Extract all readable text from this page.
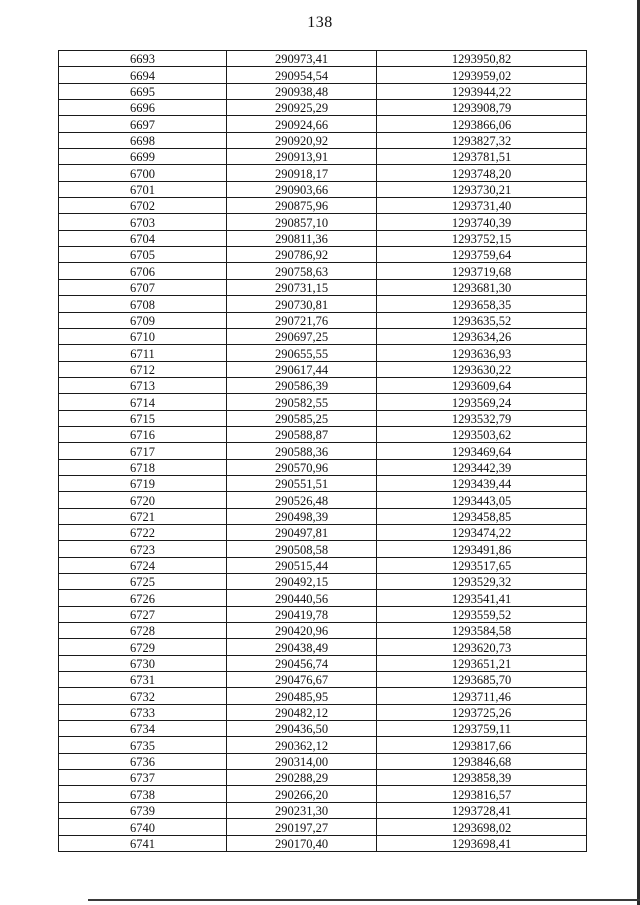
138
6693	290973,41	1293950,82
6694	290954,54	1293959,02
6695	290938,48	1293944,22
6696	290925,29	1293908,79
6697	290924,66	1293866,06
6698	290920,92	1293827,32
6699	290913,91	1293781,51
6700	290918,17	1293748,20
6701	290903,66	1293730,21
6702	290875,96	1293731,40
6703	290857,10	1293740,39
6704	290811,36	1293752,15
6705	290786,92	1293759,64
6706	290758,63	1293719,68
6707	290731,15	1293681,30
6708	290730,81	1293658,35
6709	290721,76	1293635,52
6710	290697,25	1293634,26
6711	290655,55	1293636,93
6712	290617,44	1293630,22
6713	290586,39	1293609,64
6714	290582,55	1293569,24
6715	290585,25	1293532,79
6716	290588,87	1293503,62
6717	290588,36	1293469,64
6718	290570,96	1293442,39
6719	290551,51	1293439,44
6720	290526,48	1293443,05
6721	290498,39	1293458,85
6722	290497,81	1293474,22
6723	290508,58	1293491,86
6724	290515,44	1293517,65
6725	290492,15	1293529,32
6726	290440,56	1293541,41
6727	290419,78	1293559,52
6728	290420,96	1293584,58
6729	290438,49	1293620,73
6730	290456,74	1293651,21
6731	290476,67	1293685,70
6732	290485,95	1293711,46
6733	290482,12	1293725,26
6734	290436,50	1293759,11
6735	290362,12	1293817,66
6736	290314,00	1293846,68
6737	290288,29	1293858,39
6738	290266,20	1293816,57
6739	290231,30	1293728,41
6740	290197,27	1293698,02
6741	290170,40	1293698,41
